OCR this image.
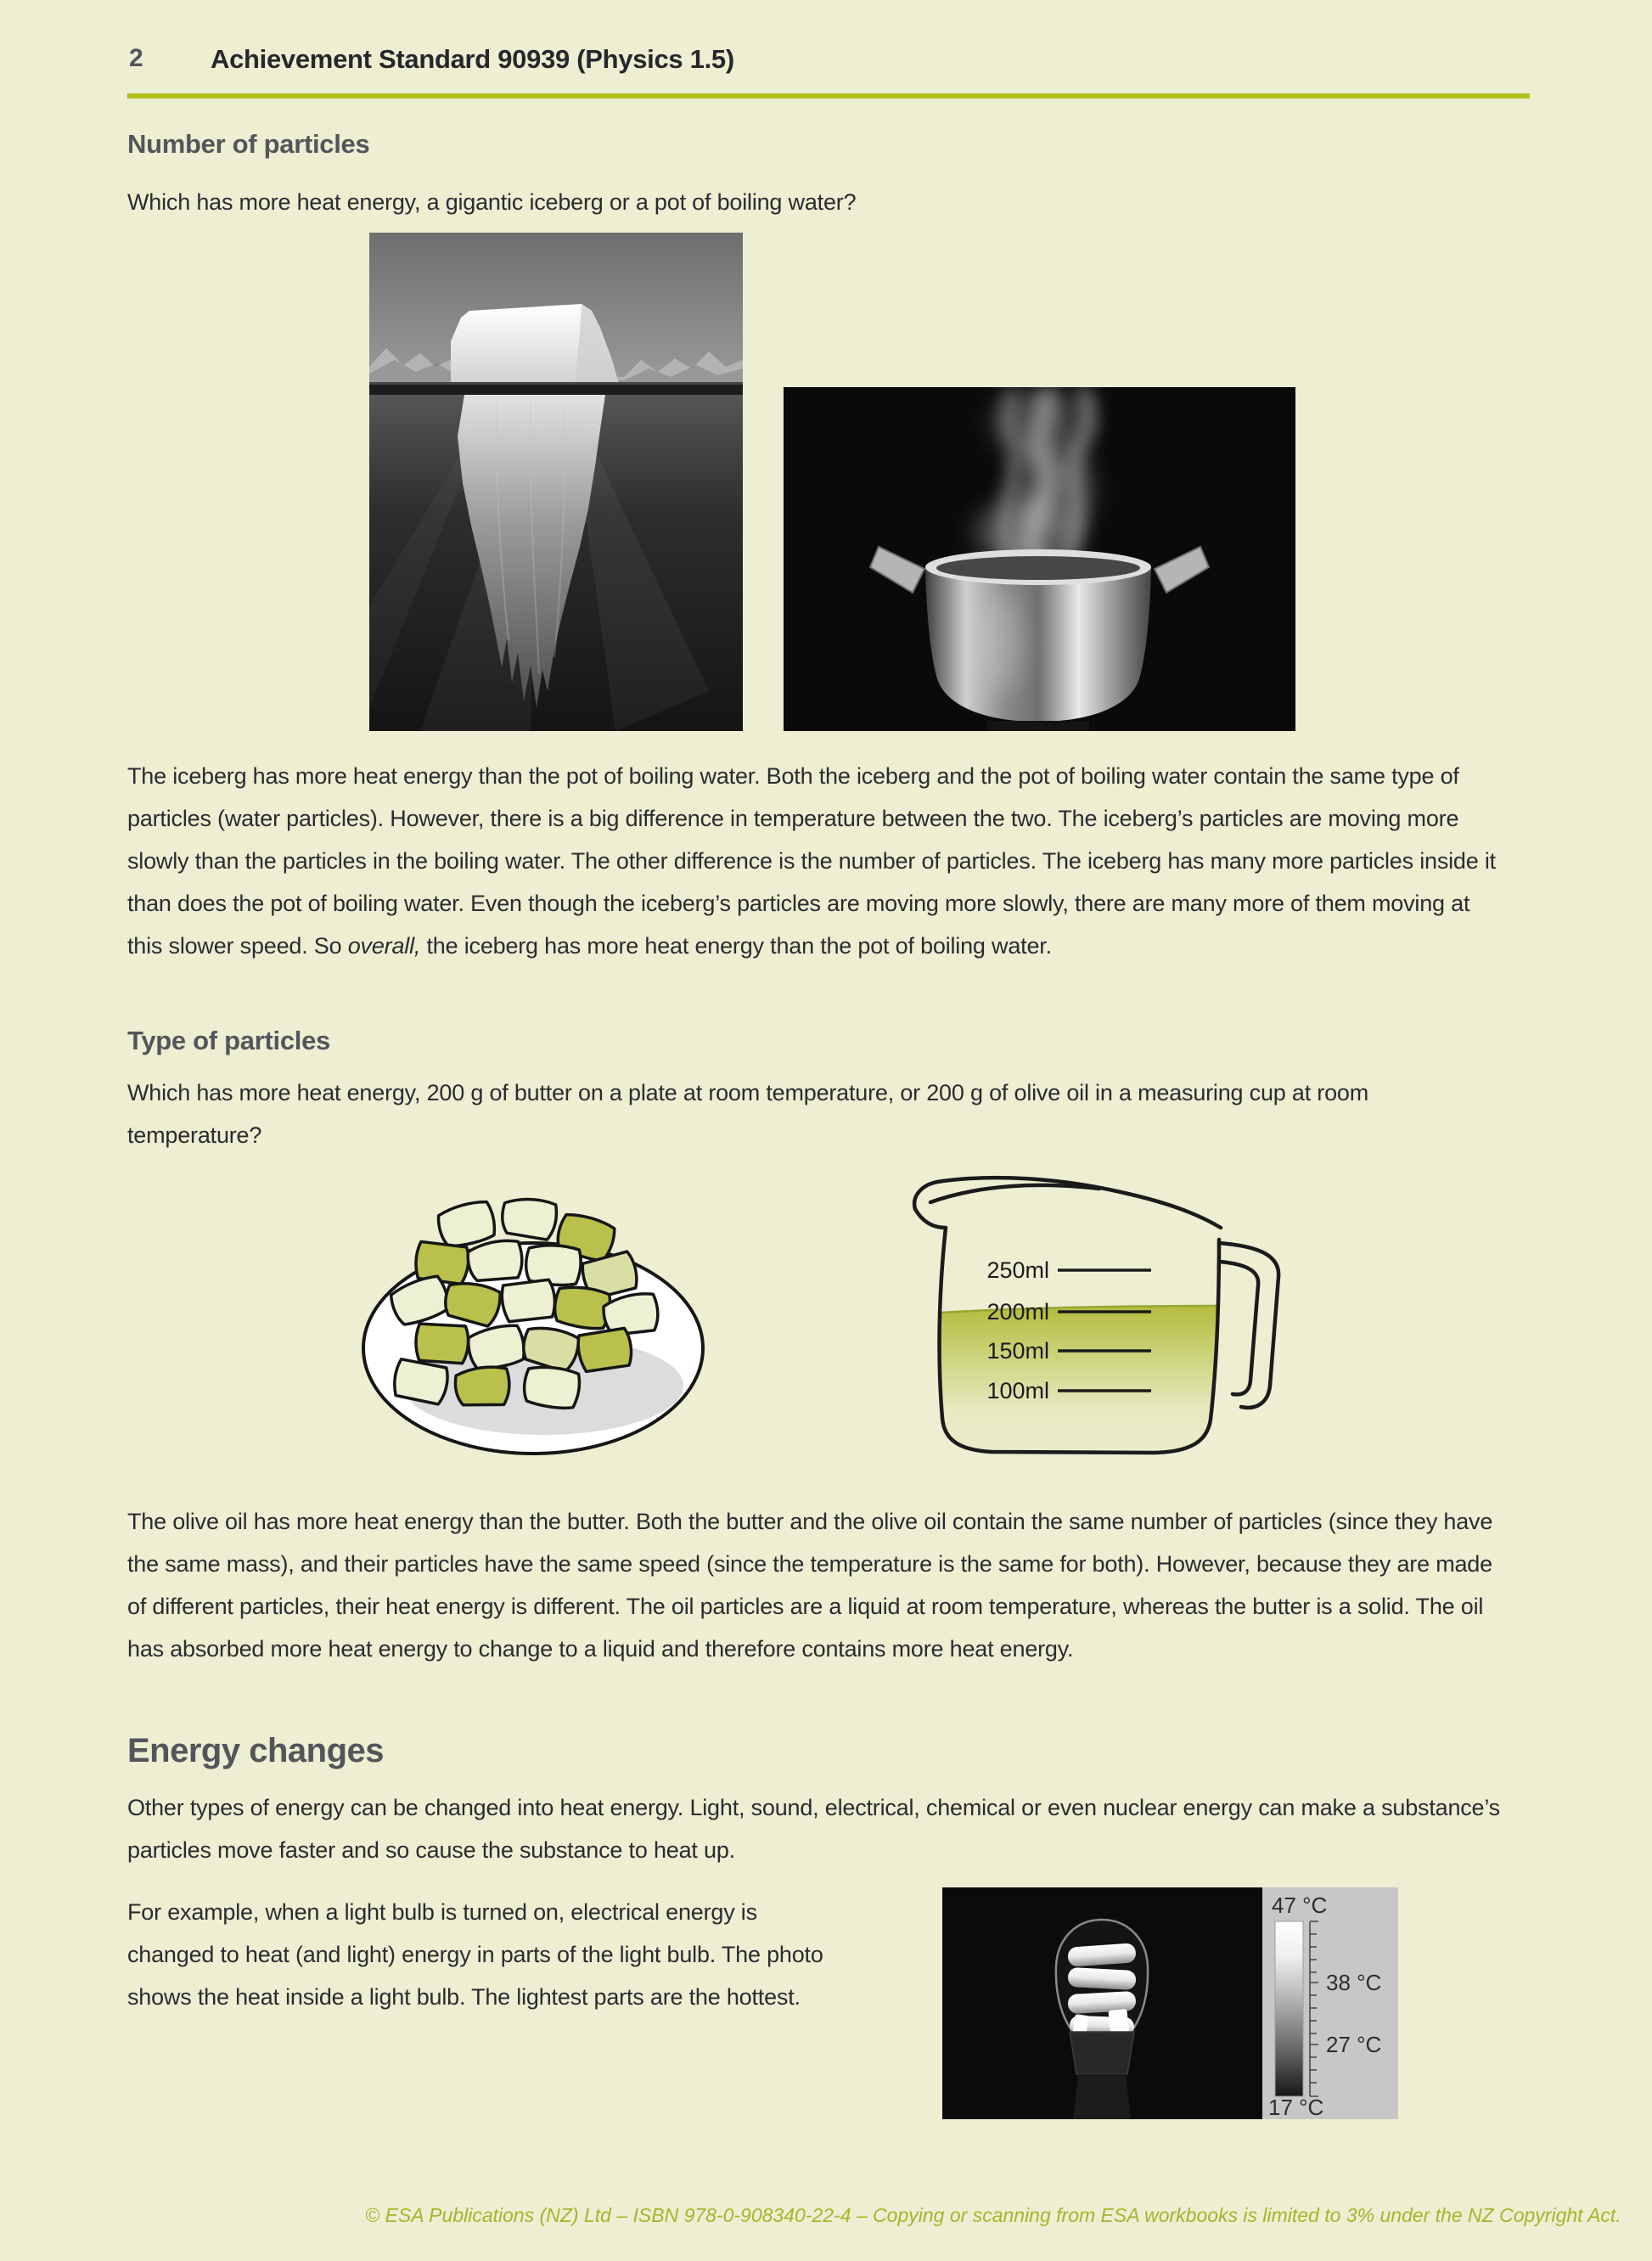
2	Achievement Standard 90939 (Physics 1.5)
Number of particles
Which has more heat energy, a gigantic iceberg or a pot of boiling water?
The iceberg has more heat energy than the pot of boiling water. Both the iceberg and the pot of boiling water contain the same type of particles (water particles). However, there is a big difference in temperature between the two. The iceberg’s particles are moving more slowly than the particles in the boiling water. The other difference is the number of particles. The iceberg has many more particles inside it than does the pot of boiling water. Even though the iceberg’s particles are moving more slowly, there are many more of them moving at this slower speed. So overall, the iceberg has more heat energy than the pot of boiling water.
Type of particles
Which has more heat energy, 200 g of butter on a plate at room temperature, or 200 g of olive oil in a measuring cup at room temperature?
250ml
200ml
150ml
100ml
The olive oil has more heat energy than the butter. Both the butter and the olive oil contain the same number of particles (since they have the same mass), and their particles have the same speed (since the temperature is the same for both). However, because they are made of different particles, their heat energy is different. The oil particles are a liquid at room temperature, whereas the butter is a solid. The oil has absorbed more heat energy to change to a liquid and therefore contains more heat energy.
Energy changes
Other types of energy can be changed into heat energy. Light, sound, electrical, chemical or even nuclear energy can make a substance’s particles move faster and so cause the substance to heat up.
For example, when a light bulb is turned on, electrical energy is changed to heat (and light) energy in parts of the light bulb. The photo shows the heat inside a light bulb. The lightest parts are the hottest.
47 °C
38 °C
27 °C
17 °C
© ESA Publications (NZ) Ltd – ISBN 978-0-908340-22-4 – Copying or scanning from ESA workbooks is limited to 3% under the NZ Copyright Act.
